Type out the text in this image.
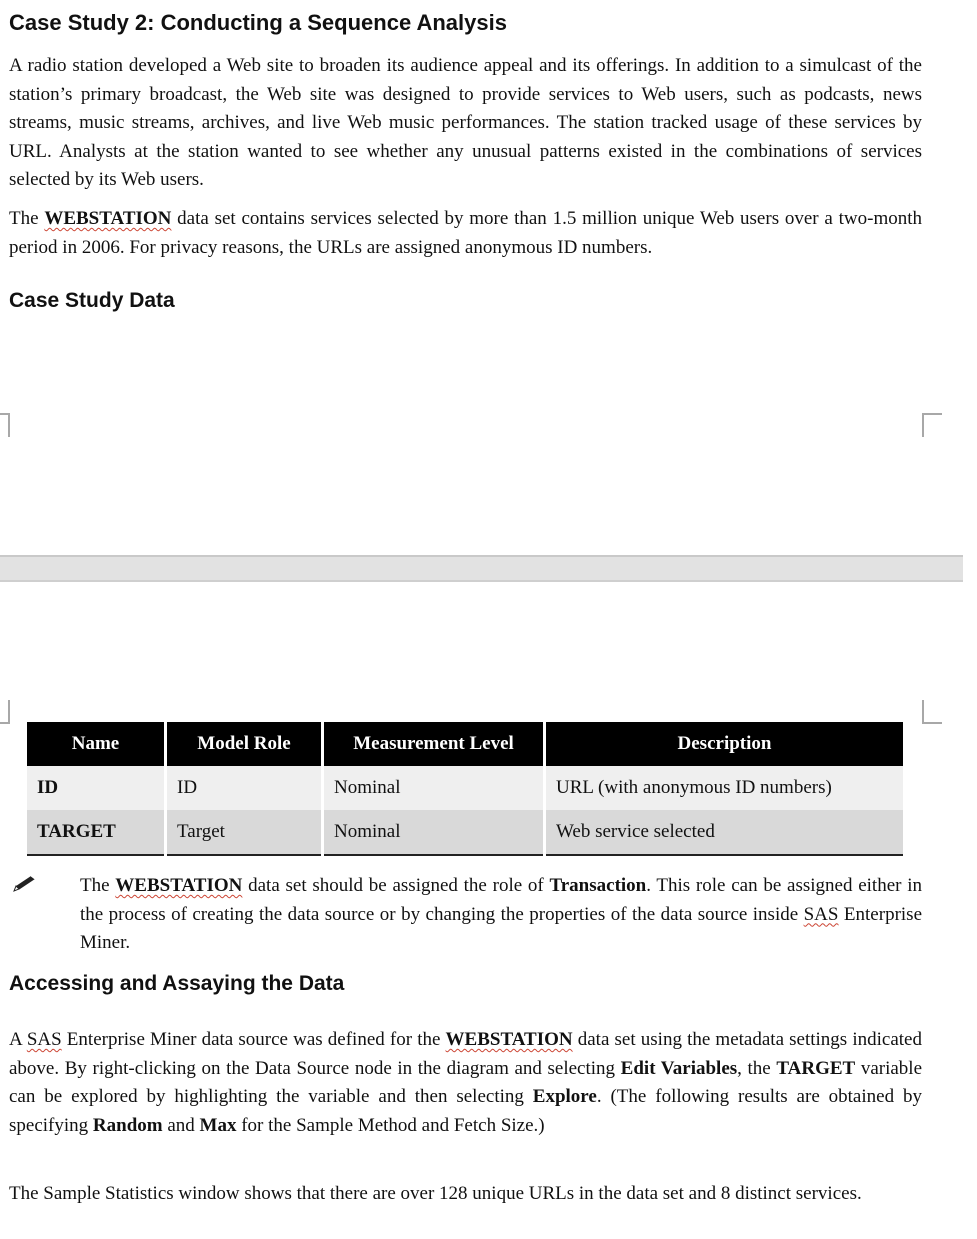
Case Study 2: Conducting a Sequence Analysis

A radio station developed a Web site to broaden its audience appeal and its offerings. In addition to a simulcast of the station’s primary broadcast, the Web site was designed to provide services to Web users, such as podcasts, news streams, music streams, archives, and live Web music performances. The station tracked usage of these services by URL. Analysts at the station wanted to see whether any unusual patterns existed in the combinations of services selected by its Web users.

The WEBSTATION data set contains services selected by more than 1.5 million unique Web users over a two-month period in 2006. For privacy reasons, the URLs are assigned anonymous ID numbers.

Case Study Data
Name	Model Role	Measurement Level	Description
ID	ID	Nominal	URL (with anonymous ID numbers)
TARGET	Target	Nominal	Web service selected

The WEBSTATION data set should be assigned the role of Transaction. This role can be assigned either in the process of creating the data source or by changing the properties of the data source inside SAS Enterprise Miner.

Accessing and Assaying the Data

A SAS Enterprise Miner data source was defined for the WEBSTATION data set using the metadata settings indicated above. By right-clicking on the Data Source node in the diagram and selecting Edit Variables, the TARGET variable can be explored by highlighting the variable and then selecting Explore. (The following results are obtained by specifying Random and Max for the Sample Method and Fetch Size.)

The Sample Statistics window shows that there are over 128 unique URLs in the data set and 8 distinct services.
